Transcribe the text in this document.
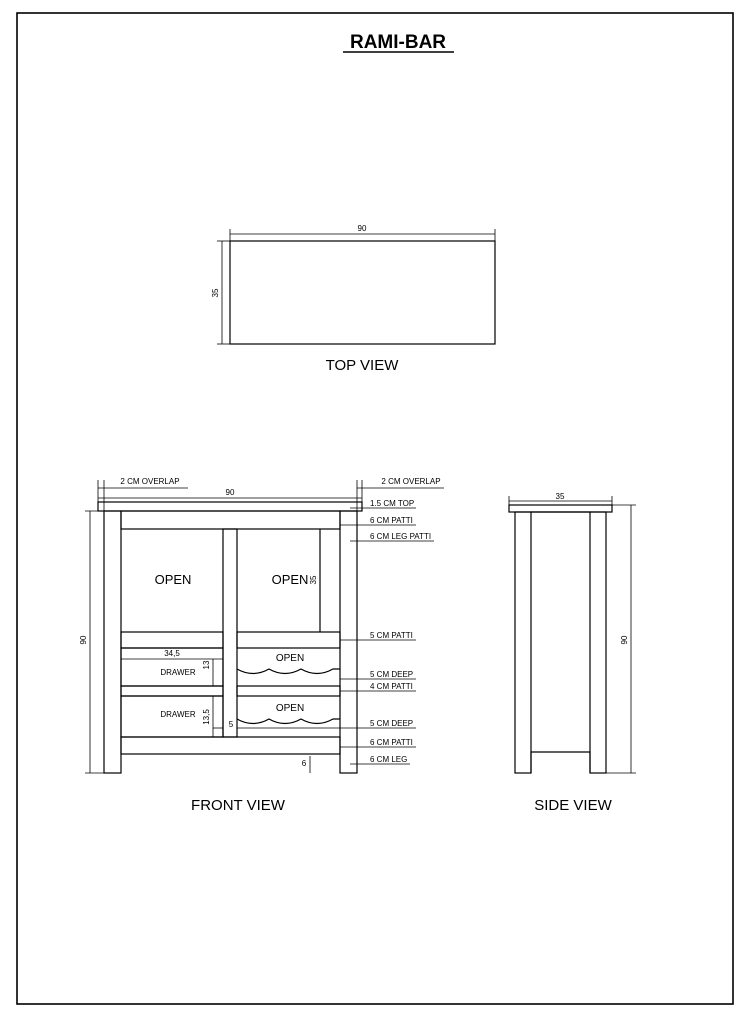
RAMI-BAR
90
35
TOP VIEW
OPEN	OPEN 35
34,5
DRAWER
13
DRAWER 13,5
OPEN
OPEN
5
6
2 CM OVERLAP	2 CM OVERLAP
90
90
1.5 CM TOP
6 CM PATTI
6 CM LEG PATTI
5 CM PATTI
5 CM DEEP
4 CM PATTI
5 CM DEEP
6 CM PATTI
6 CM LEG
FRONT VIEW
35
90
SIDE VIEW
